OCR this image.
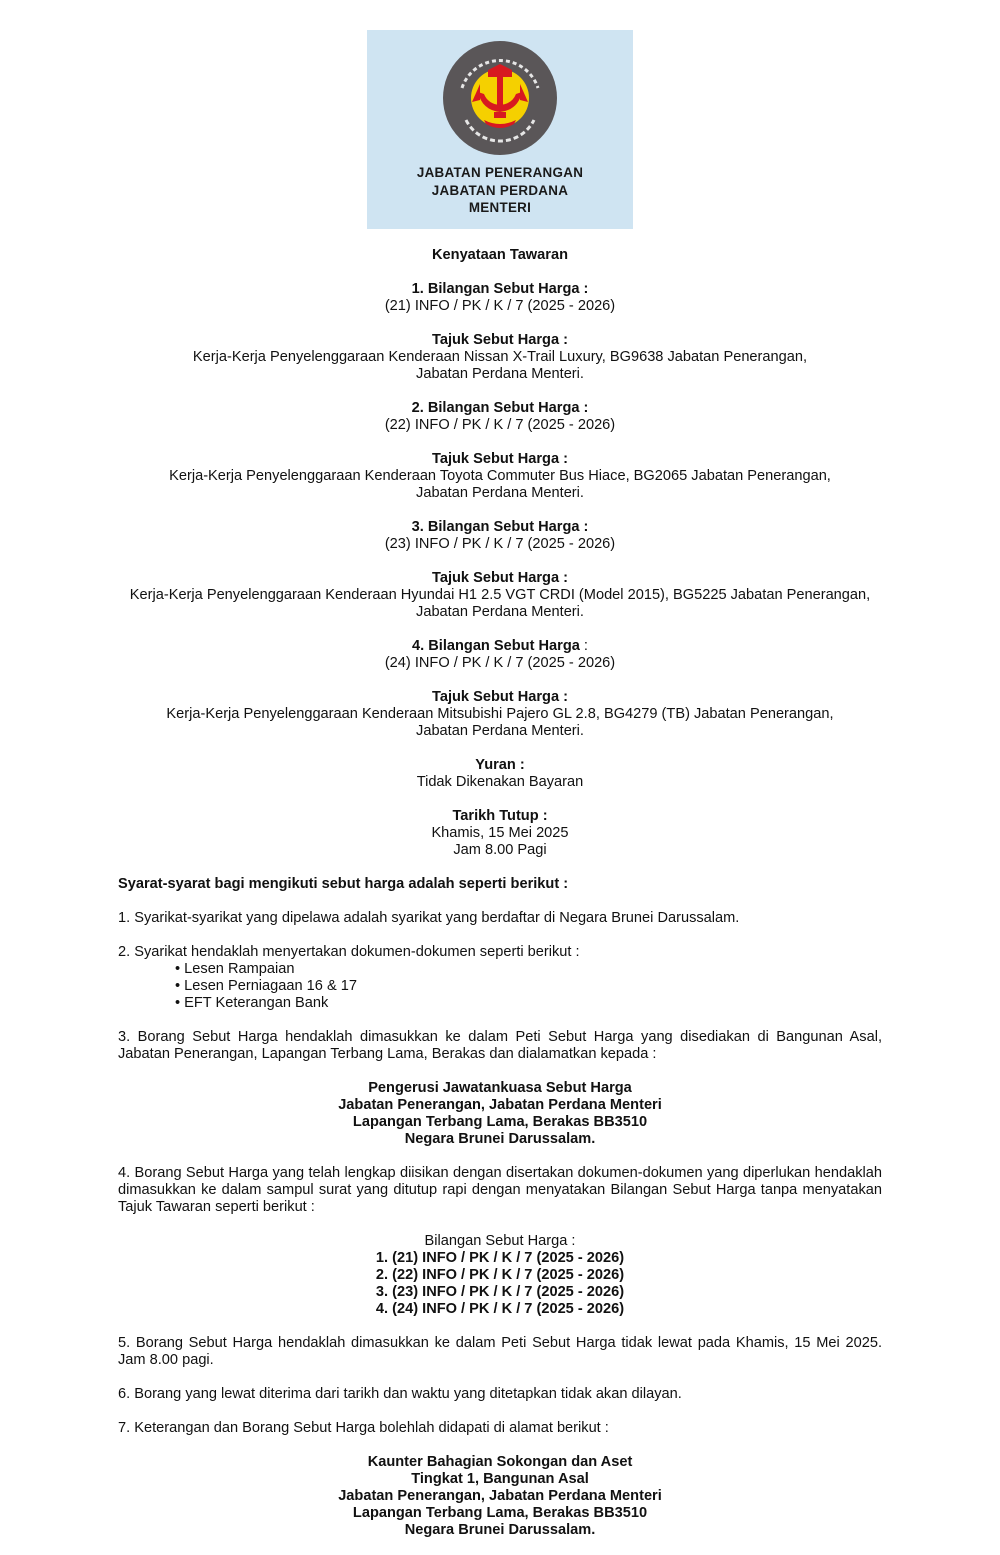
JABATAN PENERANGAN
JABATAN PERDANA
MENTERI
Kenyataan Tawaran
1. Bilangan Sebut Harga :
(21) INFO / PK / K / 7 (2025 - 2026)
Tajuk Sebut Harga :
Kerja-Kerja Penyelenggaraan Kenderaan Nissan X-Trail Luxury, BG9638 Jabatan Penerangan,
Jabatan Perdana Menteri.
2. Bilangan Sebut Harga :
(22) INFO / PK / K / 7 (2025 - 2026)
Tajuk Sebut Harga :
Kerja-Kerja Penyelenggaraan Kenderaan Toyota Commuter Bus Hiace, BG2065 Jabatan Penerangan,
Jabatan Perdana Menteri.
3. Bilangan Sebut Harga :
(23) INFO / PK / K / 7 (2025 - 2026)
Tajuk Sebut Harga :
Kerja-Kerja Penyelenggaraan Kenderaan Hyundai H1 2.5 VGT CRDI (Model 2015), BG5225 Jabatan Penerangan,
Jabatan Perdana Menteri.
4. Bilangan Sebut Harga :
(24) INFO / PK / K / 7 (2025 - 2026)
Tajuk Sebut Harga :
Kerja-Kerja Penyelenggaraan Kenderaan Mitsubishi Pajero GL 2.8, BG4279 (TB) Jabatan Penerangan,
Jabatan Perdana Menteri.
Yuran :
Tidak Dikenakan Bayaran
Tarikh Tutup :
Khamis, 15 Mei 2025
Jam 8.00 Pagi
Syarat-syarat bagi mengikuti sebut harga adalah seperti berikut :
1. Syarikat-syarikat yang dipelawa adalah syarikat yang berdaftar di Negara Brunei Darussalam.
2. Syarikat hendaklah menyertakan dokumen-dokumen seperti berikut :
• Lesen Rampaian
• Lesen Perniagaan 16 & 17
• EFT Keterangan Bank

3. Borang Sebut Harga hendaklah dimasukkan ke dalam Peti Sebut Harga yang disediakan di Bangunan Asal, Jabatan Penerangan, Lapangan Terbang Lama, Berakas dan dialamatkan kepada :

Pengerusi Jawatankuasa Sebut Harga
Jabatan Penerangan, Jabatan Perdana Menteri
Lapangan Terbang Lama, Berakas BB3510
Negara Brunei Darussalam.

4. Borang Sebut Harga yang telah lengkap diisikan dengan disertakan dokumen-dokumen yang diperlukan hendaklah dimasukkan ke dalam sampul surat yang ditutup rapi dengan menyatakan Bilangan Sebut Harga tanpa menyatakan Tajuk Tawaran seperti berikut :

Bilangan Sebut Harga :
1. (21) INFO / PK / K / 7 (2025 - 2026)
2. (22) INFO / PK / K / 7 (2025 - 2026)
3. (23) INFO / PK / K / 7 (2025 - 2026)
4. (24) INFO / PK / K / 7 (2025 - 2026)

5. Borang Sebut Harga hendaklah dimasukkan ke dalam Peti Sebut Harga tidak lewat pada Khamis, 15 Mei 2025. Jam 8.00 pagi.

6. Borang yang lewat diterima dari tarikh dan waktu yang ditetapkan tidak akan dilayan.
7. Keterangan dan Borang Sebut Harga bolehlah didapati di alamat berikut :
Kaunter Bahagian Sokongan dan Aset
Tingkat 1, Bangunan Asal
Jabatan Penerangan, Jabatan Perdana Menteri
Lapangan Terbang Lama, Berakas BB3510
Negara Brunei Darussalam.
